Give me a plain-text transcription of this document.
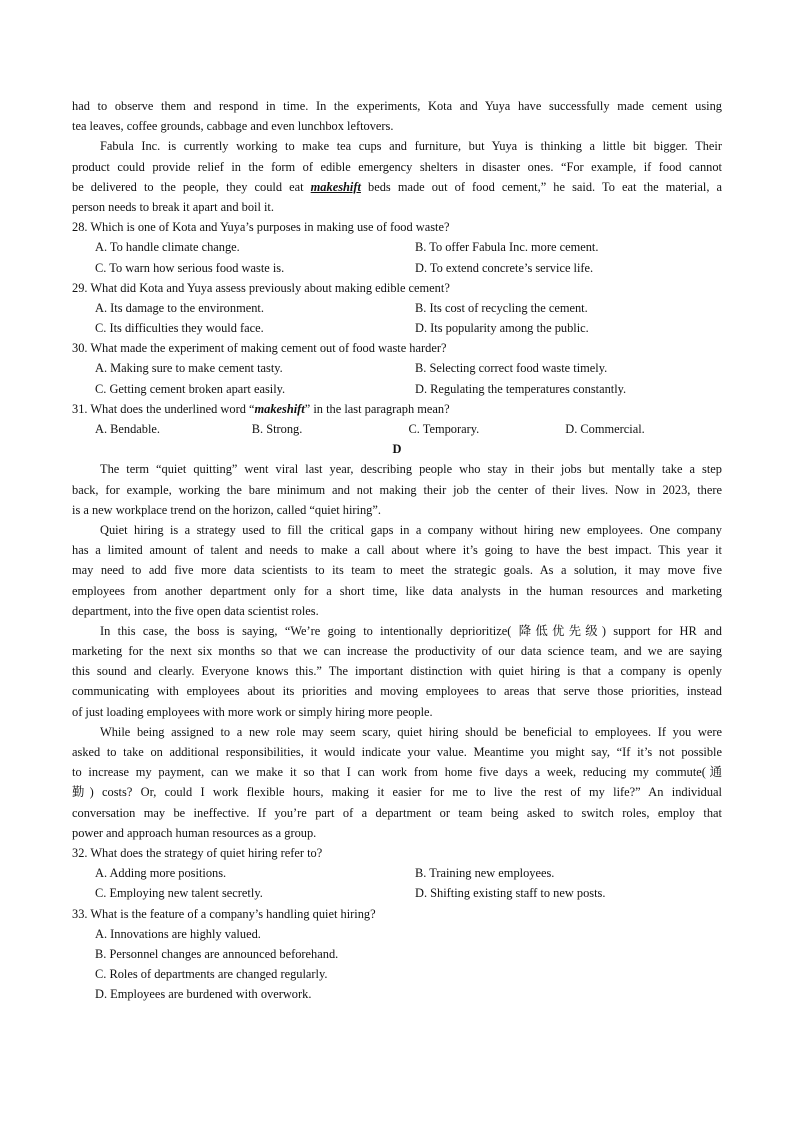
had to observe them and respond in time. In the experiments, Kota and Yuya have successfully made cement using
tea leaves, coffee grounds, cabbage and even lunchbox leftovers.
Fabula Inc. is currently working to make tea cups and furniture, but Yuya is thinking a little bit bigger. Their
product could provide relief in the form of edible emergency shelters in disaster ones. “For example, if food cannot
be delivered to the people, they could eat makeshift beds made out of food cement,” he said. To eat the material, a
person needs to break it apart and boil it.
28. Which is one of Kota and Yuya’s purposes in making use of food waste?
A. To handle climate change.	B. To offer Fabula Inc. more cement.
C. To warn how serious food waste is.	D. To extend concrete’s service life.
29. What did Kota and Yuya assess previously about making edible cement?
A. Its damage to the environment.	B. Its cost of recycling the cement.
C. Its difficulties they would face.	D. Its popularity among the public.
30. What made the experiment of making cement out of food waste harder?
A. Making sure to make cement tasty.	B. Selecting correct food waste timely.
C. Getting cement broken apart easily.	D. Regulating the temperatures constantly.
31. What does the underlined word “makeshift” in the last paragraph mean?
A. Bendable.	B. Strong.	C. Temporary.	D. Commercial.
D
The term “quiet quitting” went viral last year, describing people who stay in their jobs but mentally take a step
back, for example, working the bare minimum and not making their job the center of their lives. Now in 2023, there
is a new workplace trend on the horizon, called “quiet hiring”.
Quiet hiring is a strategy used to fill the critical gaps in a company without hiring new employees. One company
has a limited amount of talent and needs to make a call about where it’s going to have the best impact. This year it
may need to add five more data scientists to its team to meet the strategic goals. As a solution, it may move five
employees from another department only for a short time, like data analysts in the human resources and marketing
department, into the five open data scientist roles.
In this case, the boss is saying, “We’re going to intentionally deprioritize( 降低优先级) support for HR and
marketing for the next six months so that we can increase the productivity of our data science team, and we are saying
this sound and clearly. Everyone knows this.” The important distinction with quiet hiring is that a company is openly
communicating with employees about its priorities and moving employees to areas that serve those priorities, instead
of just loading employees with more work or simply hiring more people.
While being assigned to a new role may seem scary, quiet hiring should be beneficial to employees. If you were
asked to take on additional responsibilities, it would indicate your value. Meantime you might say, “If it’s not possible
to increase my payment, can we make it so that I can work from home five days a week, reducing my commute(通
勤) costs? Or, could I work flexible hours, making it easier for me to live the rest of my life?” An individual
conversation may be ineffective. If you’re part of a department or team being asked to switch roles, employ that
power and approach human resources as a group.
32. What does the strategy of quiet hiring refer to?
A. Adding more positions.	B. Training new employees.
C. Employing new talent secretly.	D. Shifting existing staff to new posts.
33. What is the feature of a company’s handling quiet hiring?
A. Innovations are highly valued.
B. Personnel changes are announced beforehand.
C. Roles of departments are changed regularly.
D. Employees are burdened with overwork.
